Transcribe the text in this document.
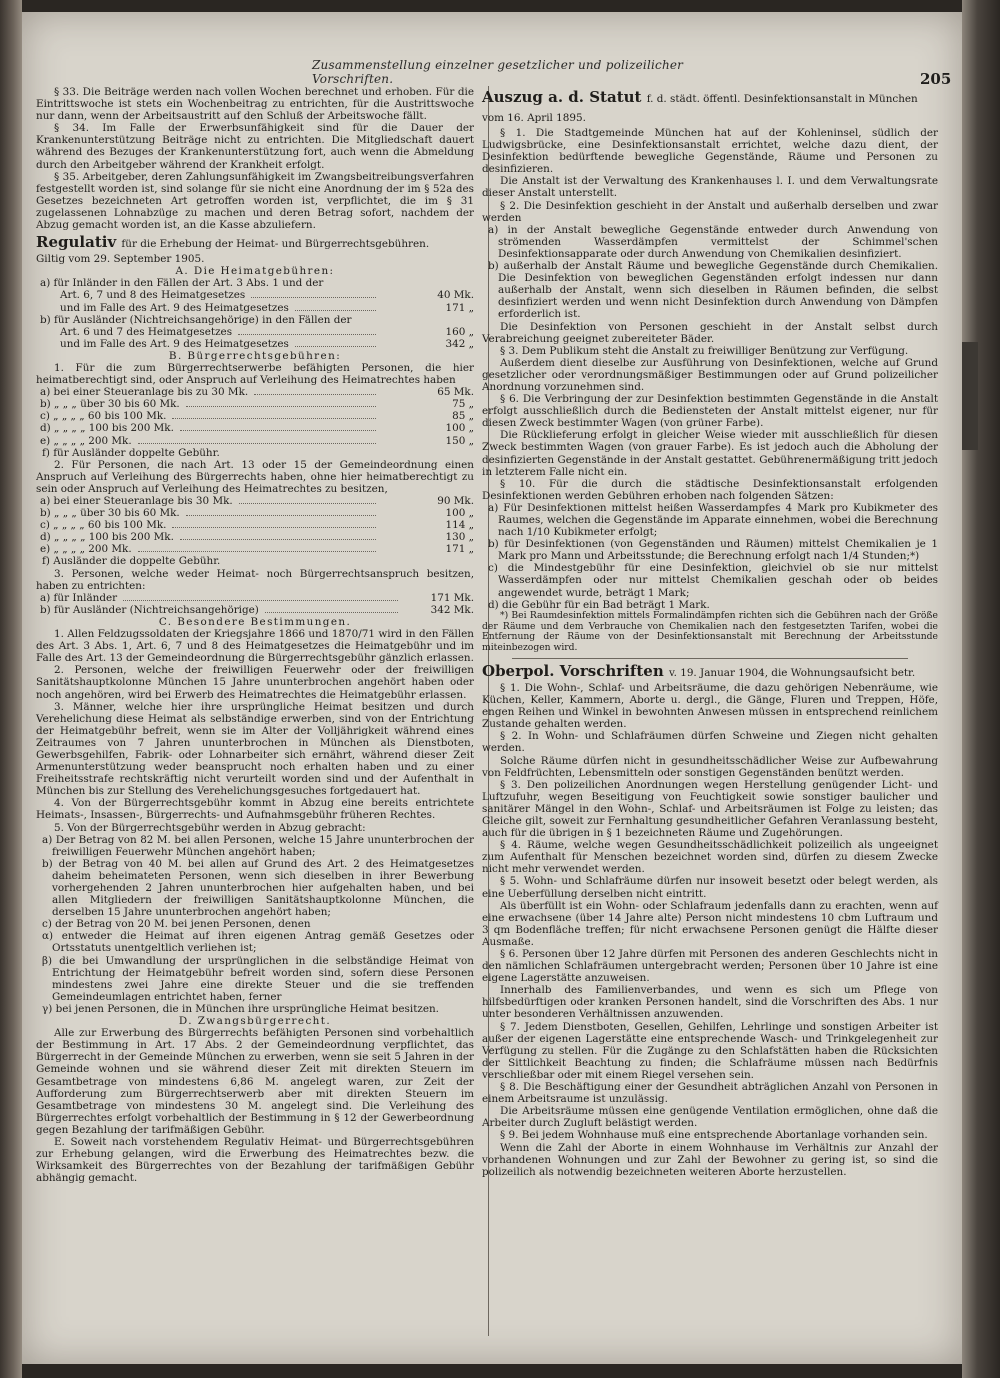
Zusammenstellung einzelner gesetzlicher und polizeilicher Vorschriften.	205

§ 33. Die Beiträge werden nach vollen Wochen berechnet und erhoben. Für die Eintrittswoche ist stets ein Wochenbeitrag zu entrichten, für die Austrittswoche nur dann, wenn der Arbeitsaustritt auf den Schluß der Arbeitswoche fällt.

§ 34. Im Falle der Erwerbsunfähigkeit sind für die Dauer der Krankenunterstützung Beiträge nicht zu entrichten. Die Mitgliedschaft dauert während des Bezuges der Krankenunterstützung fort, auch wenn die Abmeldung durch den Arbeitgeber während der Krankheit erfolgt.

§ 35. Arbeitgeber, deren Zahlungsunfähigkeit im Zwangsbeitreibungsverfahren festgestellt worden ist, sind solange für sie nicht eine Anordnung der im § 52a des Gesetzes bezeichneten Art getroffen worden ist, verpflichtet, die im § 31 zugelassenen Lohnabzüge zu machen und deren Betrag sofort, nachdem der Abzug gemacht worden ist, an die Kasse abzuliefern.

Regulativ für die Erhebung der Heimat- und Bürgerrechtsgebühren.

Giltig vom 29. September 1905.

A. Die Heimatgebühren:
a) für Inländer in den Fällen der Art. 3 Abs. 1 und der
Art. 6, 7 und 8 des Heimatgesetzes	40 Mk.
und im Falle des Art. 9 des Heimatgesetzes	171 „
b) für Ausländer (Nichtreichsangehörige) in den Fällen der
Art. 6 und 7 des Heimatgesetzes	160 „
und im Falle des Art. 9 des Heimatgesetzes	342 „
B. Bürgerrechtsgebühren:

1. Für die zum Bürgerrechtserwerbe befähigten Personen, die hier heimatberechtigt sind, oder Anspruch auf Verleihung des Heimatrechtes haben

a) bei einer Steueranlage bis zu 30 Mk.	65 Mk.
b) „ „ „ über 30 bis 60 Mk.	75 „
c) „ „ „ „ 60 bis 100 Mk.	85 „
d) „ „ „ „ 100 bis 200 Mk.	100 „
e) „ „ „ „ 200 Mk.	150 „

f) für Ausländer doppelte Gebühr.

2. Für Personen, die nach Art. 13 oder 15 der Gemeindeordnung einen Anspruch auf Verleihung des Bürgerrechts haben, ohne hier heimatberechtigt zu sein oder Anspruch auf Verleihung des Heimatrechtes zu besitzen,

a) bei einer Steueranlage bis 30 Mk.	90 Mk.
b) „ „ „ über 30 bis 60 Mk.	100 „
c) „ „ „ „ 60 bis 100 Mk.	114 „
d) „ „ „ „ 100 bis 200 Mk.	130 „
e) „ „ „ „ 200 Mk.	171 „

f) Ausländer die doppelte Gebühr.

3. Personen, welche weder Heimat- noch Bürgerrechtsanspruch besitzen, haben zu entrichten:

a) für Inländer	171 Mk.
b) für Ausländer (Nichtreichsangehörige)	342 Mk.
C. Besondere Bestimmungen.

1. Allen Feldzugssoldaten der Kriegsjahre 1866 und 1870/71 wird in den Fällen des Art. 3 Abs. 1, Art. 6, 7 und 8 des Heimatgesetzes die Heimatgebühr und im Falle des Art. 13 der Gemeindeordnung die Bürgerrechtsgebühr gänzlich erlassen.

2. Personen, welche der freiwilligen Feuerwehr oder der freiwilligen Sanitätshauptkolonne München 15 Jahre ununterbrochen angehört haben oder noch angehören, wird bei Erwerb des Heimatrechtes die Heimatgebühr erlassen.

3. Männer, welche hier ihre ursprüngliche Heimat besitzen und durch Verehelichung diese Heimat als selbständige erwerben, sind von der Entrichtung der Heimatgebühr befreit, wenn sie im Alter der Volljährigkeit während eines Zeitraumes von 7 Jahren ununterbrochen in München als Dienstboten, Gewerbsgehilfen, Fabrik- oder Lohnarbeiter sich ernährt, während dieser Zeit Armenunterstützung weder beansprucht noch erhalten haben und zu einer Freiheitsstrafe rechtskräftig nicht verurteilt worden sind und der Aufenthalt in München bis zur Stellung des Verehelichungsgesuches fortgedauert hat.

4. Von der Bürgerrechtsgebühr kommt in Abzug eine bereits entrichtete Heimats-, Insassen-, Bürgerrechts- und Aufnahmsgebühr früheren Rechtes.

5. Von der Bürgerrechtsgebühr werden in Abzug gebracht:

a) Der Betrag von 82 M. bei allen Personen, welche 15 Jahre ununterbrochen der freiwilligen Feuerwehr München angehört haben;

b) der Betrag von 40 M. bei allen auf Grund des Art. 2 des Heimatgesetzes daheim beheimateten Personen, wenn sich dieselben in ihrer Bewerbung vorhergehenden 2 Jahren ununterbrochen hier aufgehalten haben, und bei allen Mitgliedern der freiwilligen Sanitätshauptkolonne München, die derselben 15 Jahre ununterbrochen angehört haben;

c) der Betrag von 20 M. bei jenen Personen, denen

α) entweder die Heimat auf ihren eigenen Antrag gemäß Gesetzes oder Ortsstatuts unentgeltlich verliehen ist;

β) die bei Umwandlung der ursprünglichen in die selbständige Heimat von Entrichtung der Heimatgebühr befreit worden sind, sofern diese Personen mindestens zwei Jahre eine direkte Steuer und die sie treffenden Gemeindeumlagen entrichtet haben, ferner

γ) bei jenen Personen, die in München ihre ursprüngliche Heimat besitzen.

D. Zwangsbürgerrecht.

Alle zur Erwerbung des Bürgerrechts befähigten Personen sind vorbehaltlich der Bestimmung in Art. 17 Abs. 2 der Gemeindeordnung verpflichtet, das Bürgerrecht in der Gemeinde München zu erwerben, wenn sie seit 5 Jahren in der Gemeinde wohnen und sie während dieser Zeit mit direkten Steuern im Gesamtbetrage von mindestens 6,86 M. angelegt waren, zur Zeit der Aufforderung zum Bürgerrechtserwerb aber mit direkten Steuern im Gesamtbetrage von mindestens 30 M. angelegt sind. Die Verleihung des Bürgerrechtes erfolgt vorbehaltlich der Bestimmung in § 12 der Gewerbeordnung gegen Bezahlung der tarifmäßigen Gebühr.

E. Soweit nach vorstehendem Regulativ Heimat- und Bürgerrechtsgebühren zur Erhebung gelangen, wird die Erwerbung des Heimatrechtes bezw. die Wirksamkeit des Bürgerrechtes von der Bezahlung der tarifmäßigen Gebühr abhängig gemacht.

Auszug a. d. Statut f. d. städt. öffentl. Desinfektionsanstalt in München vom 16. April 1895.

§ 1. Die Stadtgemeinde München hat auf der Kohleninsel, südlich der Ludwigsbrücke, eine Desinfektionsanstalt errichtet, welche dazu dient, der Desinfektion bedürftende bewegliche Gegenstände, Räume und Personen zu desinfizieren.

Die Anstalt ist der Verwaltung des Krankenhauses l. I. und dem Verwaltungsrate dieser Anstalt unterstellt.

§ 2. Die Desinfektion geschieht in der Anstalt und außerhalb derselben und zwar werden

a) in der Anstalt bewegliche Gegenstände entweder durch Anwendung von strömenden Wasserdämpfen vermittelst der Schimmel'schen Desinfektionsapparate oder durch Anwendung von Chemikalien desinfiziert.

b) außerhalb der Anstalt Räume und bewegliche Gegenstände durch Chemikalien. Die Desinfektion von beweglichen Gegenständen erfolgt indessen nur dann außerhalb der Anstalt, wenn sich dieselben in Räumen befinden, die selbst desinfiziert werden und wenn nicht Desinfektion durch Anwendung von Dämpfen erforderlich ist.

Die Desinfektion von Personen geschieht in der Anstalt selbst durch Verabreichung geeignet zubereiteter Bäder.

§ 3. Dem Publikum steht die Anstalt zu freiwilliger Benützung zur Verfügung.

Außerdem dient dieselbe zur Ausführung von Desinfektionen, welche auf Grund gesetzlicher oder verordnungsmäßiger Bestimmungen oder auf Grund polizeilicher Anordnung vorzunehmen sind.

§ 6. Die Verbringung der zur Desinfektion bestimmten Gegenstände in die Anstalt erfolgt ausschließlich durch die Bediensteten der Anstalt mittelst eigener, nur für diesen Zweck bestimmter Wagen (von grüner Farbe).

Die Rücklieferung erfolgt in gleicher Weise wieder mit ausschließlich für diesen Zweck bestimmten Wagen (von grauer Farbe). Es ist jedoch auch die Abholung der desinfizierten Gegenstände in der Anstalt gestattet. Gebührenermäßigung tritt jedoch in letzterem Falle nicht ein.

§ 10. Für die durch die städtische Desinfektionsanstalt erfolgenden Desinfektionen werden Gebühren erhoben nach folgenden Sätzen:

a) Für Desinfektionen mittelst heißen Wasserdampfes 4 Mark pro Kubikmeter des Raumes, welchen die Gegenstände im Apparate einnehmen, wobei die Berechnung nach 1/10 Kubikmeter erfolgt;

b) für Desinfektionen (von Gegenständen und Räumen) mittelst Chemikalien je 1 Mark pro Mann und Arbeitsstunde; die Berechnung erfolgt nach 1/4 Stunden;*)

c) die Mindestgebühr für eine Desinfektion, gleichviel ob sie nur mittelst Wasserdämpfen oder nur mittelst Chemikalien geschah oder ob beides angewendet wurde, beträgt 1 Mark;

d) die Gebühr für ein Bad beträgt 1 Mark.

*) Bei Raumdesinfektion mittels Formalindämpfen richten sich die Gebühren nach der Größe der Räume und dem Verbrauche von Chemikalien nach den festgesetzten Tarifen, wobei die Entfernung der Räume von der Desinfektionsanstalt mit Berechnung der Arbeitsstunde miteinbezogen wird.

Oberpol. Vorschriften v. 19. Januar 1904, die Wohnungsaufsicht betr.

§ 1. Die Wohn-, Schlaf- und Arbeitsräume, die dazu gehörigen Nebenräume, wie Küchen, Keller, Kammern, Aborte u. dergl., die Gänge, Fluren und Treppen, Höfe, engen Reihen und Winkel in bewohnten Anwesen müssen in entsprechend reinlichem Zustande gehalten werden.

§ 2. In Wohn- und Schlafräumen dürfen Schweine und Ziegen nicht gehalten werden.

Solche Räume dürfen nicht in gesundheitsschädlicher Weise zur Aufbewahrung von Feldfrüchten, Lebensmitteln oder sonstigen Gegenständen benützt werden.

§ 3. Den polizeilichen Anordnungen wegen Herstellung genügender Licht- und Luftzufuhr, wegen Beseitigung von Feuchtigkeit sowie sonstiger baulicher und sanitärer Mängel in den Wohn-, Schlaf- und Arbeitsräumen ist Folge zu leisten; das Gleiche gilt, soweit zur Fernhaltung gesundheitlicher Gefahren Veranlassung besteht, auch für die übrigen in § 1 bezeichneten Räume und Zugehörungen.

§ 4. Räume, welche wegen Gesundheitsschädlichkeit polizeilich als ungeeignet zum Aufenthalt für Menschen bezeichnet worden sind, dürfen zu diesem Zwecke nicht mehr verwendet werden.

§ 5. Wohn- und Schlafräume dürfen nur insoweit besetzt oder belegt werden, als eine Ueberfüllung derselben nicht eintritt.

Als überfüllt ist ein Wohn- oder Schlafraum jedenfalls dann zu erachten, wenn auf eine erwachsene (über 14 Jahre alte) Person nicht mindestens 10 cbm Luftraum und 3 qm Bodenfläche treffen; für nicht erwachsene Personen genügt die Hälfte dieser Ausmaße.

§ 6. Personen über 12 Jahre dürfen mit Personen des anderen Geschlechts nicht in den nämlichen Schlafräumen untergebracht werden; Personen über 10 Jahre ist eine eigene Lagerstätte anzuweisen.

Innerhalb des Familienverbandes, und wenn es sich um Pflege von hilfsbedürftigen oder kranken Personen handelt, sind die Vorschriften des Abs. 1 nur unter besonderen Verhältnissen anzuwenden.

§ 7. Jedem Dienstboten, Gesellen, Gehilfen, Lehrlinge und sonstigen Arbeiter ist außer der eigenen Lagerstätte eine entsprechende Wasch- und Trinkgelegenheit zur Verfügung zu stellen. Für die Zugänge zu den Schlafstätten haben die Rücksichten der Sittlichkeit Beachtung zu finden; die Schlafräume müssen nach Bedürfnis verschließbar oder mit einem Riegel versehen sein.

§ 8. Die Beschäftigung einer der Gesundheit abträglichen Anzahl von Personen in einem Arbeitsraume ist unzulässig.

Die Arbeitsräume müssen eine genügende Ventilation ermöglichen, ohne daß die Arbeiter durch Zugluft belästigt werden.

§ 9. Bei jedem Wohnhause muß eine entsprechende Abortanlage vorhanden sein.

Wenn die Zahl der Aborte in einem Wohnhause im Verhältnis zur Anzahl der vorhandenen Wohnungen und zur Zahl der Bewohner zu gering ist, so sind die polizeilich als notwendig bezeichneten weiteren Aborte herzustellen.
